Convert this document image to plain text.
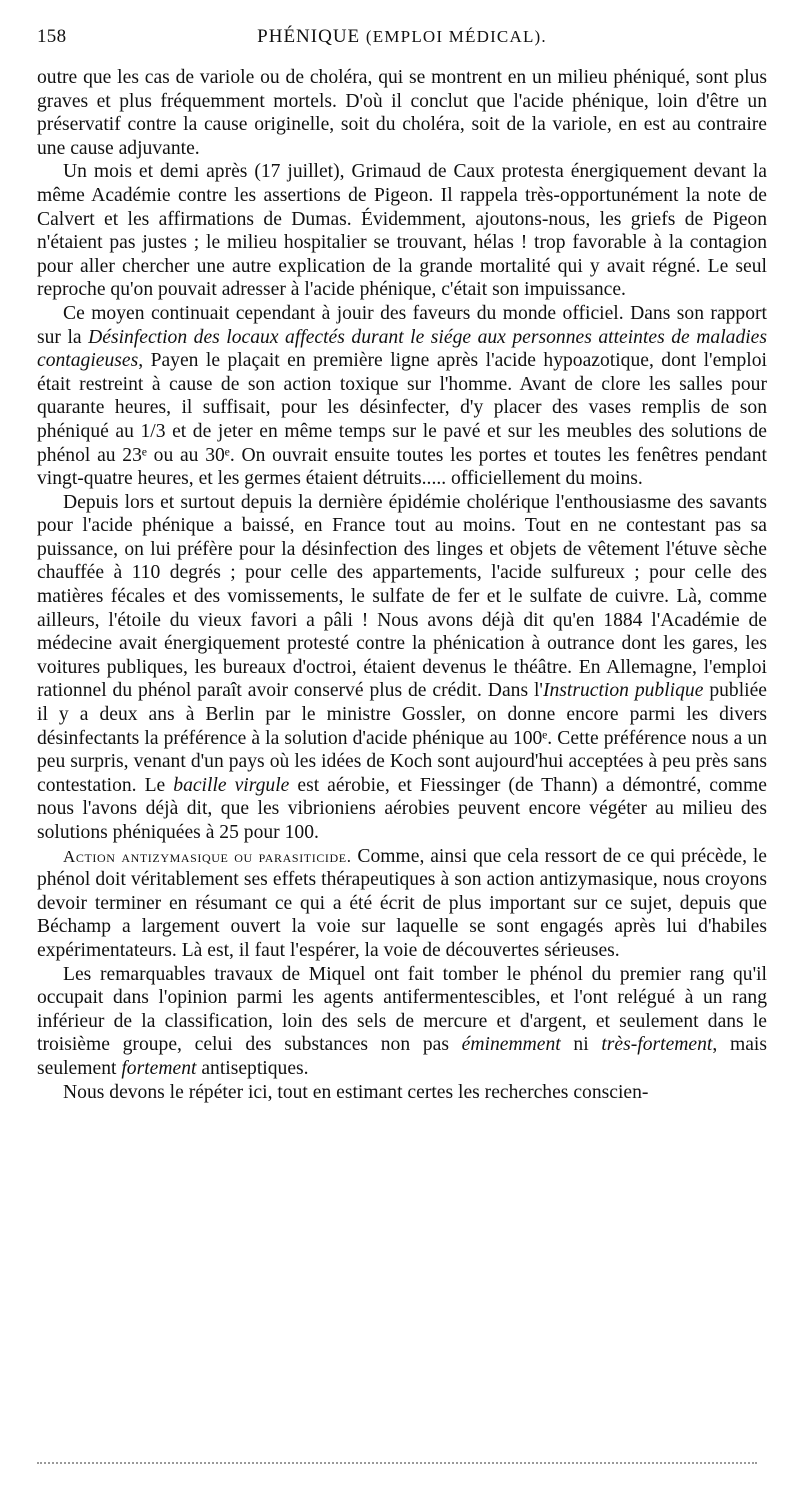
158	PHÉNIQUE (EMPLOI MÉDICAL).

outre que les cas de variole ou de choléra, qui se montrent en un milieu phéniqué, sont plus graves et plus fréquemment mortels. D'où il conclut que l'acide phénique, loin d'être un préservatif contre la cause originelle, soit du choléra, soit de la variole, en est au contraire une cause adjuvante.

Un mois et demi après (17 juillet), Grimaud de Caux protesta énergiquement devant la même Académie contre les assertions de Pigeon. Il rappela très-opportunément la note de Calvert et les affirmations de Dumas. Évidemment, ajoutons-nous, les griefs de Pigeon n'étaient pas justes ; le milieu hospitalier se trouvant, hélas ! trop favorable à la contagion pour aller chercher une autre explication de la grande mortalité qui y avait régné. Le seul reproche qu'on pouvait adresser à l'acide phénique, c'était son impuissance.

Ce moyen continuait cependant à jouir des faveurs du monde officiel. Dans son rapport sur la Désinfection des locaux affectés durant le siége aux personnes atteintes de maladies contagieuses, Payen le plaçait en première ligne après l'acide hypoazotique, dont l'emploi était restreint à cause de son action toxique sur l'homme. Avant de clore les salles pour quarante heures, il suffisait, pour les désinfecter, d'y placer des vases remplis de son phéniqué au 1/3 et de jeter en même temps sur le pavé et sur les meubles des solutions de phénol au 23ᵉ ou au 30ᵉ. On ouvrait ensuite toutes les portes et toutes les fenêtres pendant vingt-quatre heures, et les germes étaient détruits..... officiellement du moins.

Depuis lors et surtout depuis la dernière épidémie cholérique l'enthousiasme des savants pour l'acide phénique a baissé, en France tout au moins. Tout en ne contestant pas sa puissance, on lui préfère pour la désinfection des linges et objets de vêtement l'étuve sèche chauffée à 110 degrés ; pour celle des appartements, l'acide sulfureux ; pour celle des matières fécales et des vomissements, le sulfate de fer et le sulfate de cuivre. Là, comme ailleurs, l'étoile du vieux favori a pâli ! Nous avons déjà dit qu'en 1884 l'Académie de médecine avait énergiquement protesté contre la phénication à outrance dont les gares, les voitures publiques, les bureaux d'octroi, étaient devenus le théâtre. En Allemagne, l'emploi rationnel du phénol paraît avoir conservé plus de crédit. Dans l'Instruction publique publiée il y a deux ans à Berlin par le ministre Gossler, on donne encore parmi les divers désinfectants la préférence à la solution d'acide phénique au 100ᵉ. Cette préférence nous a un peu surpris, venant d'un pays où les idées de Koch sont aujourd'hui acceptées à peu près sans contestation. Le bacille virgule est aérobie, et Fiessinger (de Thann) a démontré, comme nous l'avons déjà dit, que les vibrioniens aérobies peuvent encore végéter au milieu des solutions phéniquées à 25 pour 100.

Action antizymasique ou parasiticide. Comme, ainsi que cela ressort de ce qui précède, le phénol doit véritablement ses effets thérapeutiques à son action antizymasique, nous croyons devoir terminer en résumant ce qui a été écrit de plus important sur ce sujet, depuis que Béchamp a largement ouvert la voie sur laquelle se sont engagés après lui d'habiles expérimentateurs. Là est, il faut l'espérer, la voie de découvertes sérieuses.

Les remarquables travaux de Miquel ont fait tomber le phénol du premier rang qu'il occupait dans l'opinion parmi les agents antifermentescibles, et l'ont relégué à un rang inférieur de la classification, loin des sels de mercure et d'argent, et seulement dans le troisième groupe, celui des substances non pas éminemment ni très-fortement, mais seulement fortement antiseptiques.

Nous devons le répéter ici, tout en estimant certes les recherches conscien-
